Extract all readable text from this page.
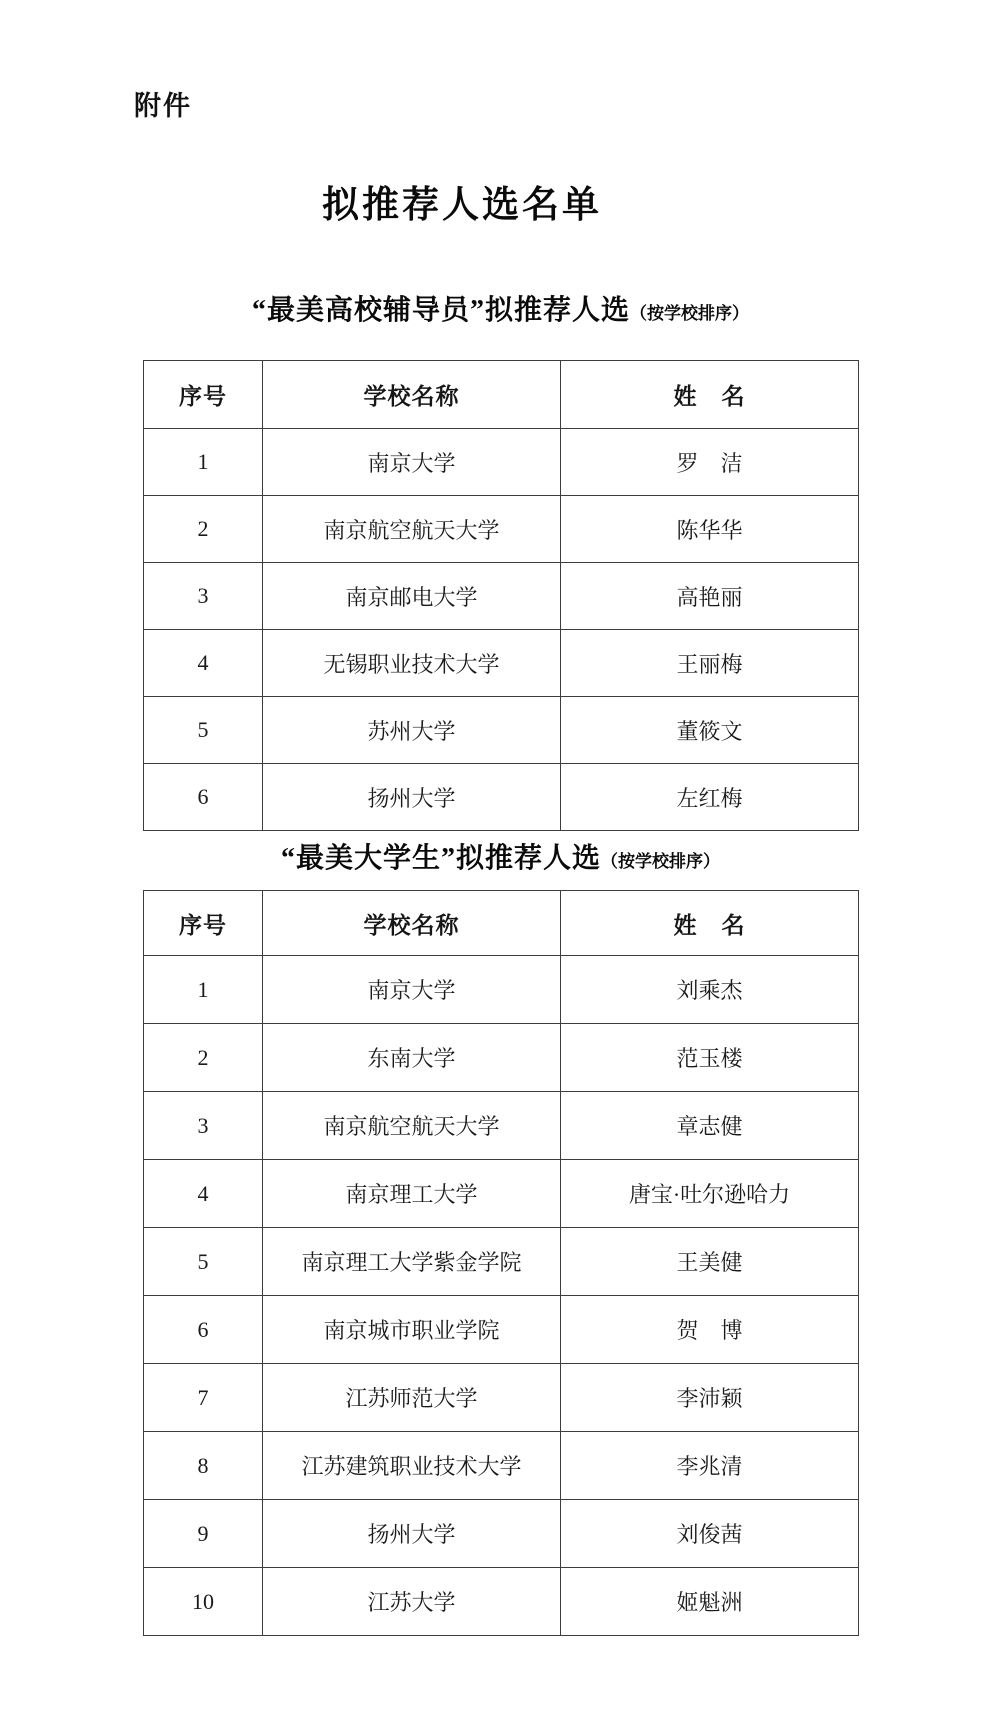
附件
拟推荐人选名单
“最美高校辅导员”拟推荐人选（按学校排序）
序号	学校名称	姓　名
1	南京大学	罗　洁
2	南京航空航天大学	陈华华
3	南京邮电大学	高艳丽
4	无锡职业技术大学	王丽梅
5	苏州大学	董筱文
6	扬州大学	左红梅
“最美大学生”拟推荐人选（按学校排序）
序号	学校名称	姓　名
1	南京大学	刘乘杰
2	东南大学	范玉楼
3	南京航空航天大学	章志健
4	南京理工大学	唐宝·吐尔逊哈力
5	南京理工大学紫金学院	王美健
6	南京城市职业学院	贺　博
7	江苏师范大学	李沛颖
8	江苏建筑职业技术大学	李兆清
9	扬州大学	刘俊茜
10	江苏大学	姬魁洲
